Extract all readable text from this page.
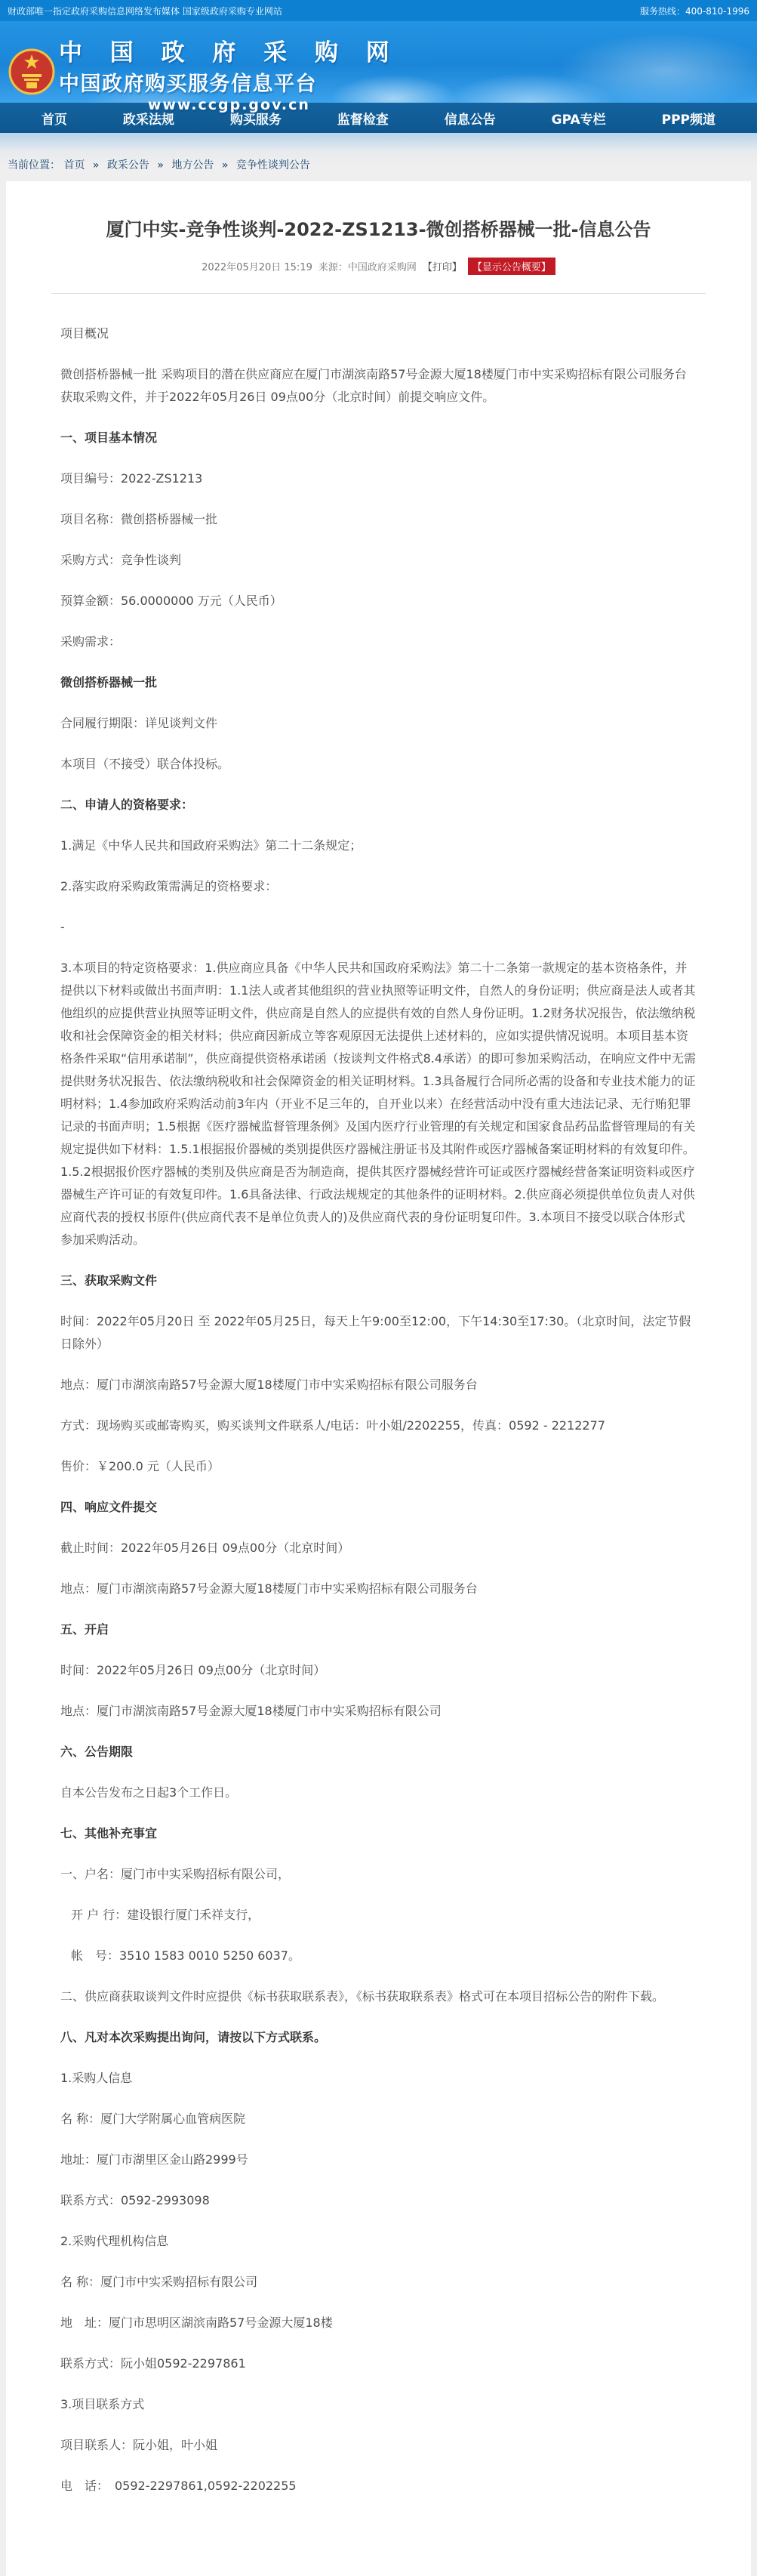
财政部唯一指定政府采购信息网络发布媒体 国家级政府采购专业网站	服务热线：400-810-1996
中 国 政 府 采 购 网
中国政府购买服务信息平台
www.ccgp.gov.cn
首页	政采法规	购买服务	监督检查	信息公告	GPA专栏	PPP频道
当前位置： 首页 » 政采公告 » 地方公告 » 竞争性谈判公告
厦门中实-竞争性谈判-2022-ZS1213-微创搭桥器械一批-信息公告
2022年05月20日 15:19 来源：中国政府采购网 【打印】	【显示公告概要】

项目概况

微创搭桥器械一批 采购项目的潜在供应商应在厦门市湖滨南路57号金源大厦18楼厦门市中实采购招标有限公司服务台获取采购文件，并于2022年05月26日 09点00分（北京时间）前提交响应文件。

一、项目基本情况

项目编号：2022-ZS1213

项目名称：微创搭桥器械一批

采购方式：竞争性谈判

预算金额：56.0000000 万元（人民币）

采购需求：

微创搭桥器械一批

合同履行期限：详见谈判文件

本项目（不接受）联合体投标。

二、申请人的资格要求：

1.满足《中华人民共和国政府采购法》第二十二条规定；

2.落实政府采购政策需满足的资格要求：

-

3.本项目的特定资格要求：1.供应商应具备《中华人民共和国政府采购法》第二十二条第一款规定的基本资格条件，并提供以下材料或做出书面声明：1.1法人或者其他组织的营业执照等证明文件，自然人的身份证明；供应商是法人或者其他组织的应提供营业执照等证明文件，供应商是自然人的应提供有效的自然人身份证明。1.2财务状况报告，依法缴纳税收和社会保障资金的相关材料；供应商因新成立等客观原因无法提供上述材料的，应如实提供情况说明。本项目基本资格条件采取“信用承诺制”，供应商提供资格承诺函（按谈判文件格式8.4承诺）的即可参加采购活动，在响应文件中无需提供财务状况报告、依法缴纳税收和社会保障资金的相关证明材料。1.3具备履行合同所必需的设备和专业技术能力的证明材料；1.4参加政府采购活动前3年内（开业不足三年的，自开业以来）在经营活动中没有重大违法记录、无行贿犯罪记录的书面声明；1.5根据《医疗器械监督管理条例》及国内医疗行业管理的有关规定和国家食品药品监督管理局的有关规定提供如下材料：1.5.1根据报价器械的类别提供医疗器械注册证书及其附件或医疗器械备案证明材料的有效复印件。 1.5.2根据报价医疗器械的类别及供应商是否为制造商，提供其医疗器械经营许可证或医疗器械经营备案证明资料或医疗器械生产许可证的有效复印件。1.6具备法律、行政法规规定的其他条件的证明材料。2.供应商必须提供单位负责人对供应商代表的授权书原件(供应商代表不是单位负责人的)及供应商代表的身份证明复印件。3.本项目不接受以联合体形式参加采购活动。

三、获取采购文件

时间：2022年05月20日 至 2022年05月25日，每天上午9:00至12:00，下午14:30至17:30。（北京时间，法定节假日除外）

地点：厦门市湖滨南路57号金源大厦18楼厦门市中实采购招标有限公司服务台

方式：现场购买或邮寄购买，购买谈判文件联系人/电话：叶小姐/2202255，传真：0592 - 2212277

售价：￥200.0 元（人民币）

四、响应文件提交

截止时间：2022年05月26日 09点00分（北京时间）

地点：厦门市湖滨南路57号金源大厦18楼厦门市中实采购招标有限公司服务台

五、开启

时间：2022年05月26日 09点00分（北京时间）

地点：厦门市湖滨南路57号金源大厦18楼厦门市中实采购招标有限公司

六、公告期限

自本公告发布之日起3个工作日。

七、其他补充事宜

一、户名：厦门市中实采购招标有限公司，

开 户 行：建设银行厦门禾祥支行，

帐　号：3510 1583 0010 5250 6037。

二、供应商获取谈判文件时应提供《标书获取联系表》，《标书获取联系表》格式可在本项目招标公告的附件下载。

八、凡对本次采购提出询问，请按以下方式联系。

1.采购人信息

名 称：厦门大学附属心血管病医院

地址：厦门市湖里区金山路2999号

联系方式：0592-2993098

2.采购代理机构信息

名 称：厦门市中实采购招标有限公司

地　址：厦门市思明区湖滨南路57号金源大厦18楼

联系方式：阮小姐0592-2297861

3.项目联系方式

项目联系人：阮小姐，叶小姐

电　话：　0592-2297861,0592-2202255
